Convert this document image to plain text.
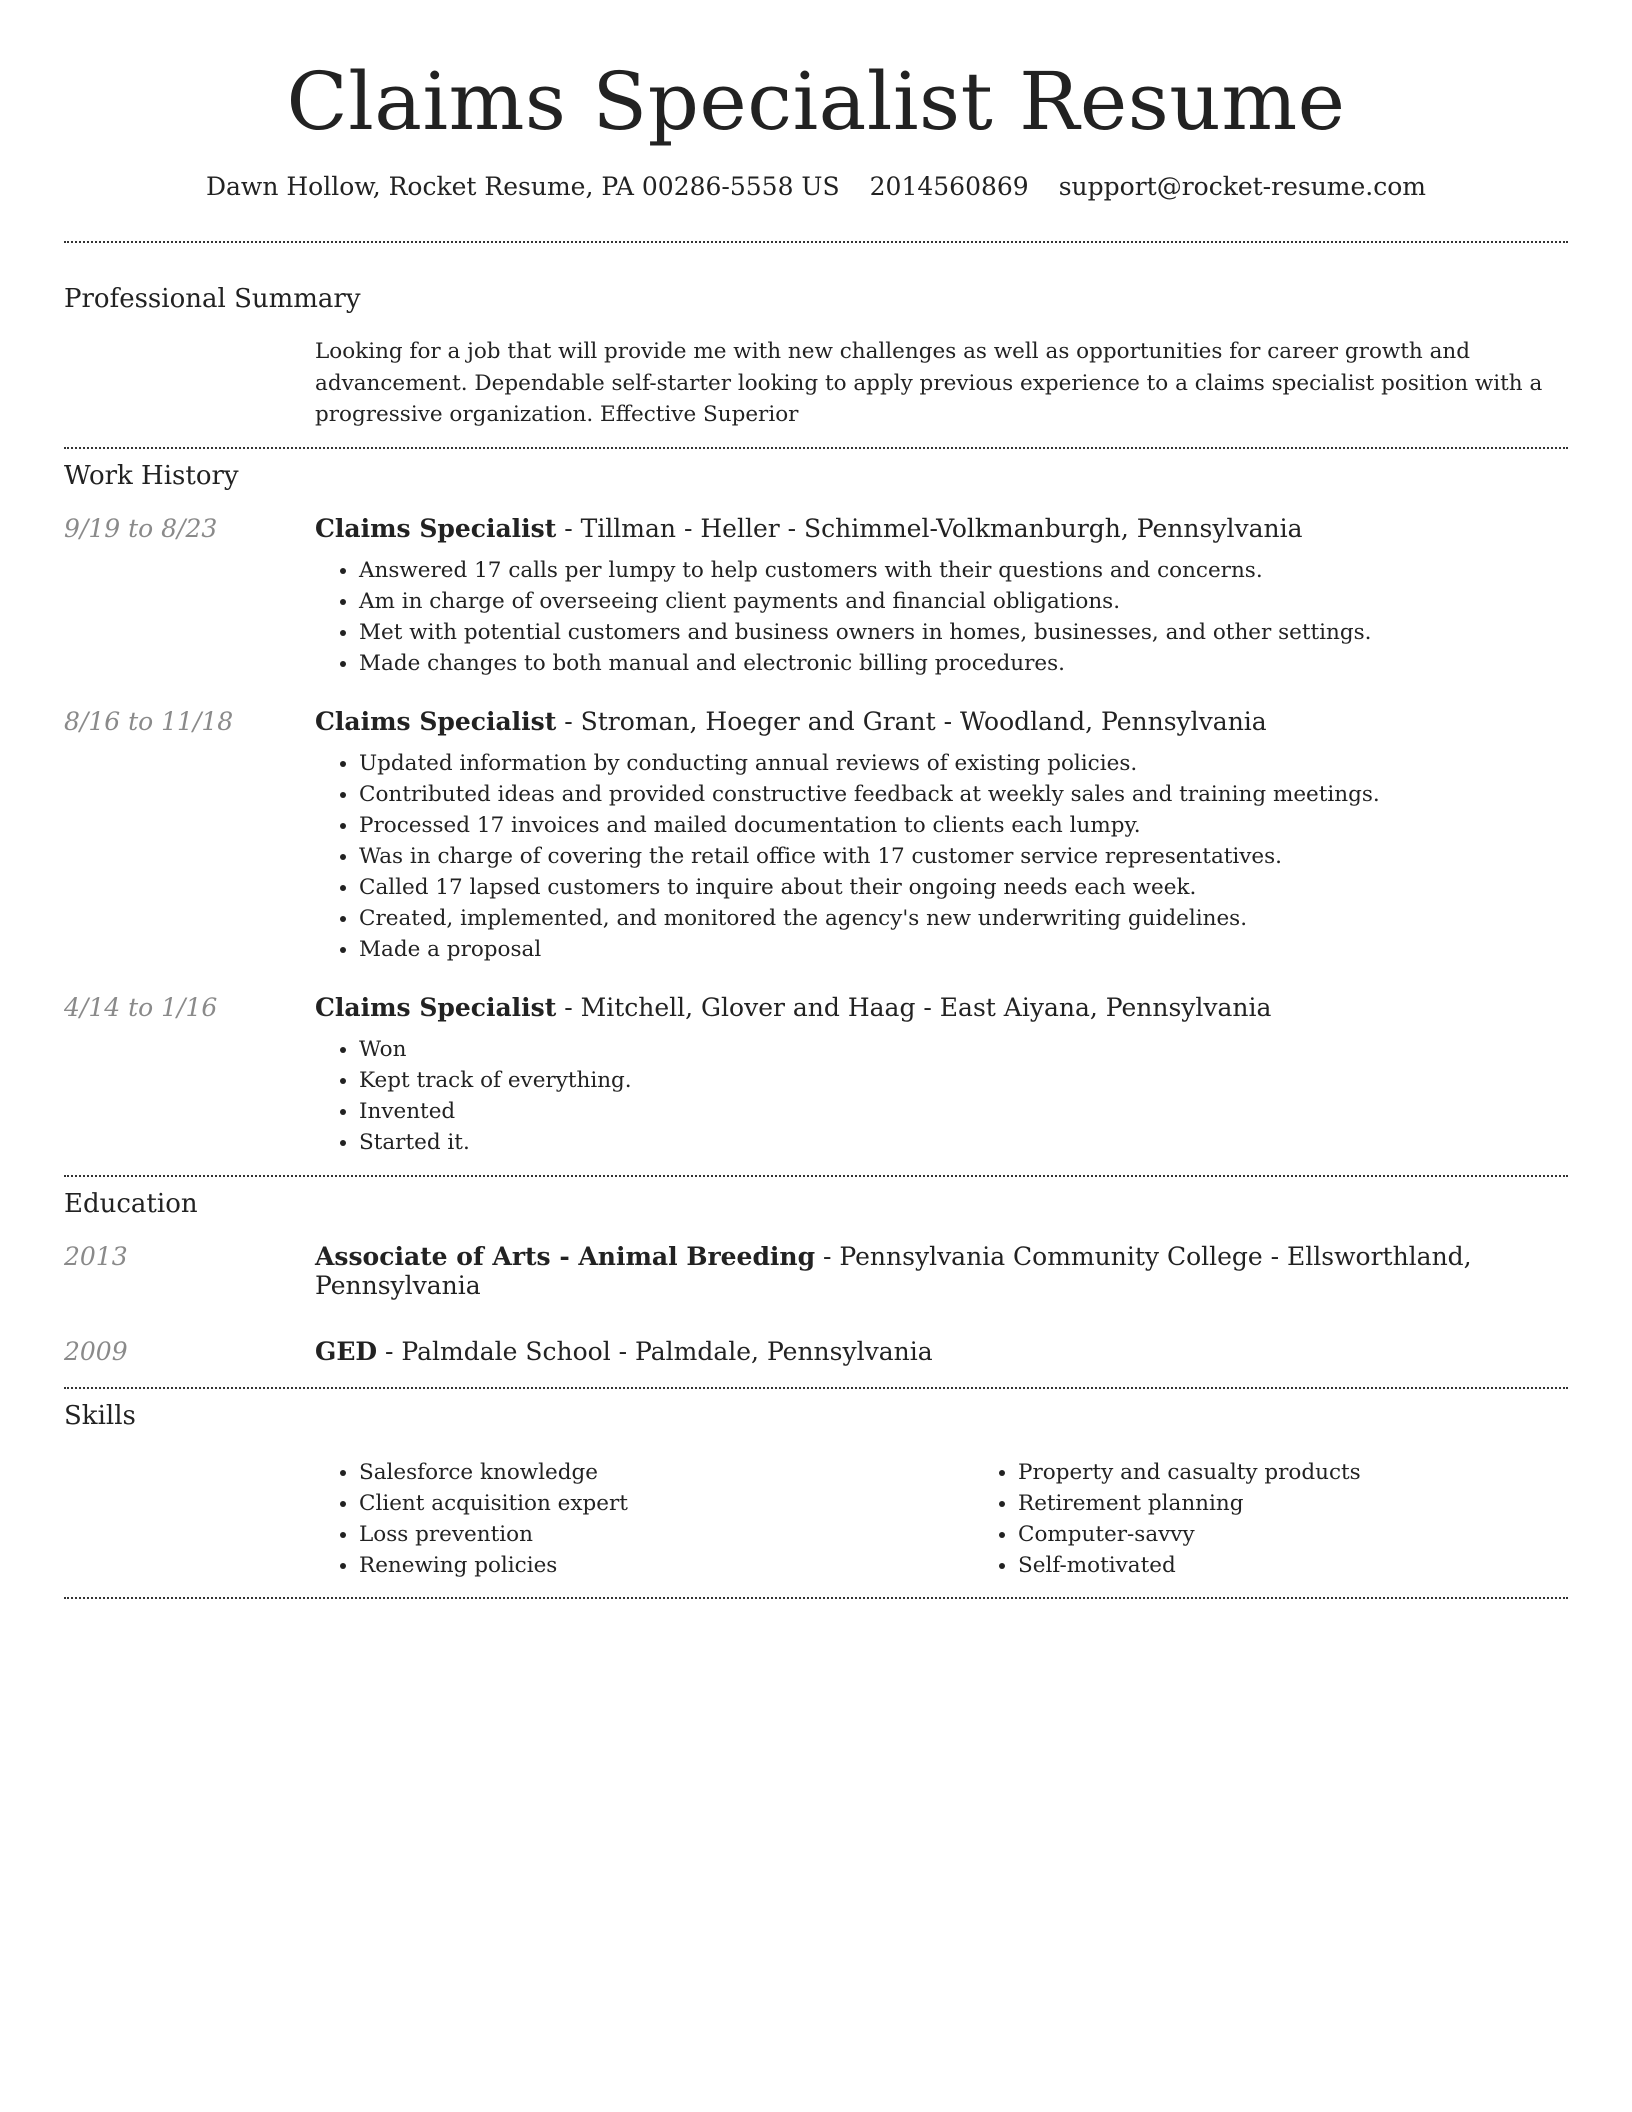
Claims Specialist Resume
Dawn Hollow, Rocket Resume, PA 00286-5558 US 2014560869 support@rocket-resume.com
Professional Summary
Looking for a job that will provide me with new challenges as well as opportunities for career growth and advancement. Dependable self-starter looking to apply previous experience to a claims specialist position with a progressive organization. Effective Superior
Work History
9/19 to 8/23	Claims Specialist - Tillman - Heller - Schimmel-Volkmanburgh, Pennsylvania
• Answered 17 calls per lumpy to help customers with their questions and concerns.
• Am in charge of overseeing client payments and financial obligations.
• Met with potential customers and business owners in homes, businesses, and other settings.
• Made changes to both manual and electronic billing procedures.
8/16 to 11/18	Claims Specialist - Stroman, Hoeger and Grant - Woodland, Pennsylvania
• Updated information by conducting annual reviews of existing policies.
• Contributed ideas and provided constructive feedback at weekly sales and training meetings.
• Processed 17 invoices and mailed documentation to clients each lumpy.
• Was in charge of covering the retail office with 17 customer service representatives.
• Called 17 lapsed customers to inquire about their ongoing needs each week.
• Created, implemented, and monitored the agency's new underwriting guidelines.
• Made a proposal
4/14 to 1/16	Claims Specialist - Mitchell, Glover and Haag - East Aiyana, Pennsylvania
• Won
• Kept track of everything.
• Invented
• Started it.
Education
2013	Associate of Arts - Animal Breeding - Pennsylvania Community College - Ellsworthland, Pennsylvania
2009	GED - Palmdale School - Palmdale, Pennsylvania
Skills
• Salesforce knowledge
• Client acquisition expert
• Loss prevention
• Renewing policies
• Property and casualty products
• Retirement planning
• Computer-savvy
• Self-motivated
